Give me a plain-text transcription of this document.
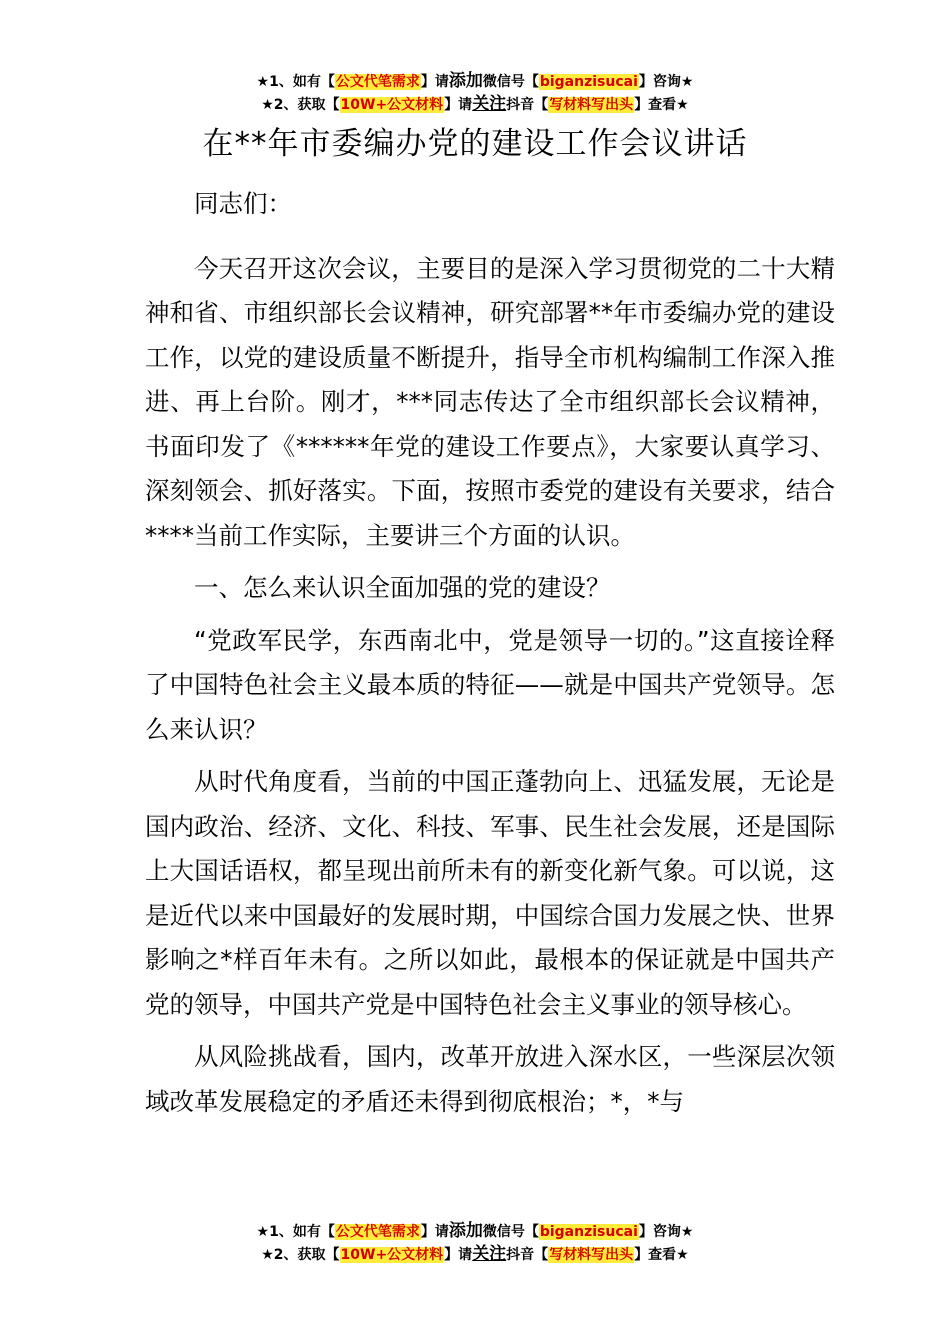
★1、如有【公文代笔需求】请添加微信号【biganzisucai】咨询★
★2、获取【10W+公文材料】请关注抖音【写材料写出头】查看★
在**年市委编办党的建设工作会议讲话

同志们：

今天召开这次会议，主要目的是深入学习贯彻党的二十大精神和省、市组织部长会议精神，研究部署**年市委编办党的建设工作，以党的建设质量不断提升，指导全市机构编制工作深入推进、再上台阶。刚才，***同志传达了全市组织部长会议精神，书面印发了《******年党的建设工作要点》，大家要认真学习、深刻领会、抓好落实。下面，按照市委党的建设有关要求，结合****当前工作实际，主要讲三个方面的认识。

一、怎么来认识全面加强的党的建设？

“党政军民学，东西南北中，党是领导一切的。”这直接诠释了中国特色社会主义最本质的特征——就是中国共产党领导。怎么来认识？

从时代角度看，当前的中国正蓬勃向上、迅猛发展，无论是国内政治、经济、文化、科技、军事、民生社会发展，还是国际上大国话语权，都呈现出前所未有的新变化新气象。可以说，这是近代以来中国最好的发展时期，中国综合国力发展之快、世界影响之*样百年未有。之所以如此，最根本的保证就是中国共产党的领导，中国共产党是中国特色社会主义事业的领导核心。

从风险挑战看，国内，改革开放进入深水区，一些深层次领域改革发展稳定的矛盾还未得到彻底根治；*，*与

★1、如有【公文代笔需求】请添加微信号【biganzisucai】咨询★
★2、获取【10W+公文材料】请关注抖音【写材料写出头】查看★
